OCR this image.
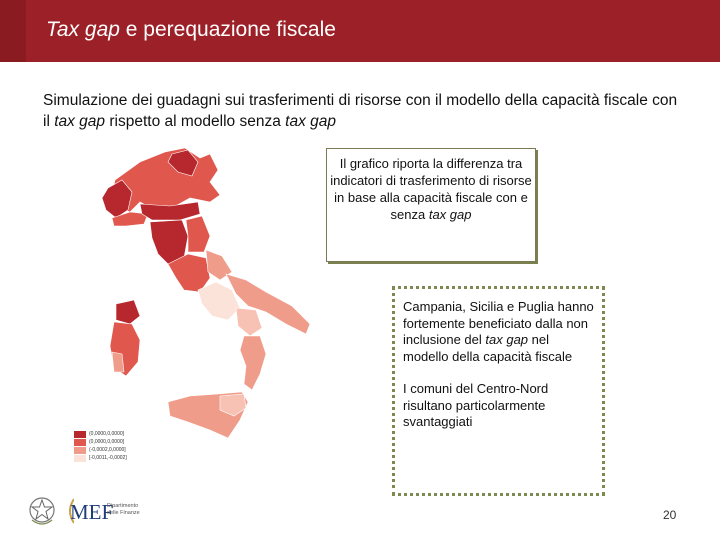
Tax gap e perequazione fiscale
Simulazione dei guadagni sui trasferimenti di risorse con il modello della capacità fiscale con il tax gap rispetto al modello senza tax gap
(0,0000,0,0000]
(0,0000,0,0000]
(-0,0002,0,0000]
[-0,0011,-0,0002]
Il grafico riporta la differenza tra indicatori di trasferimento di risorse in base alla capacità fiscale con e senza tax gap

Campania, Sicilia e Puglia hanno fortemente beneficiato dalla non inclusione del tax gap nel modello della capacità fiscale

I comuni del Centro-Nord risultano particolarmente svantaggiati

MEF
Dipartimento
delle Finanze	20
